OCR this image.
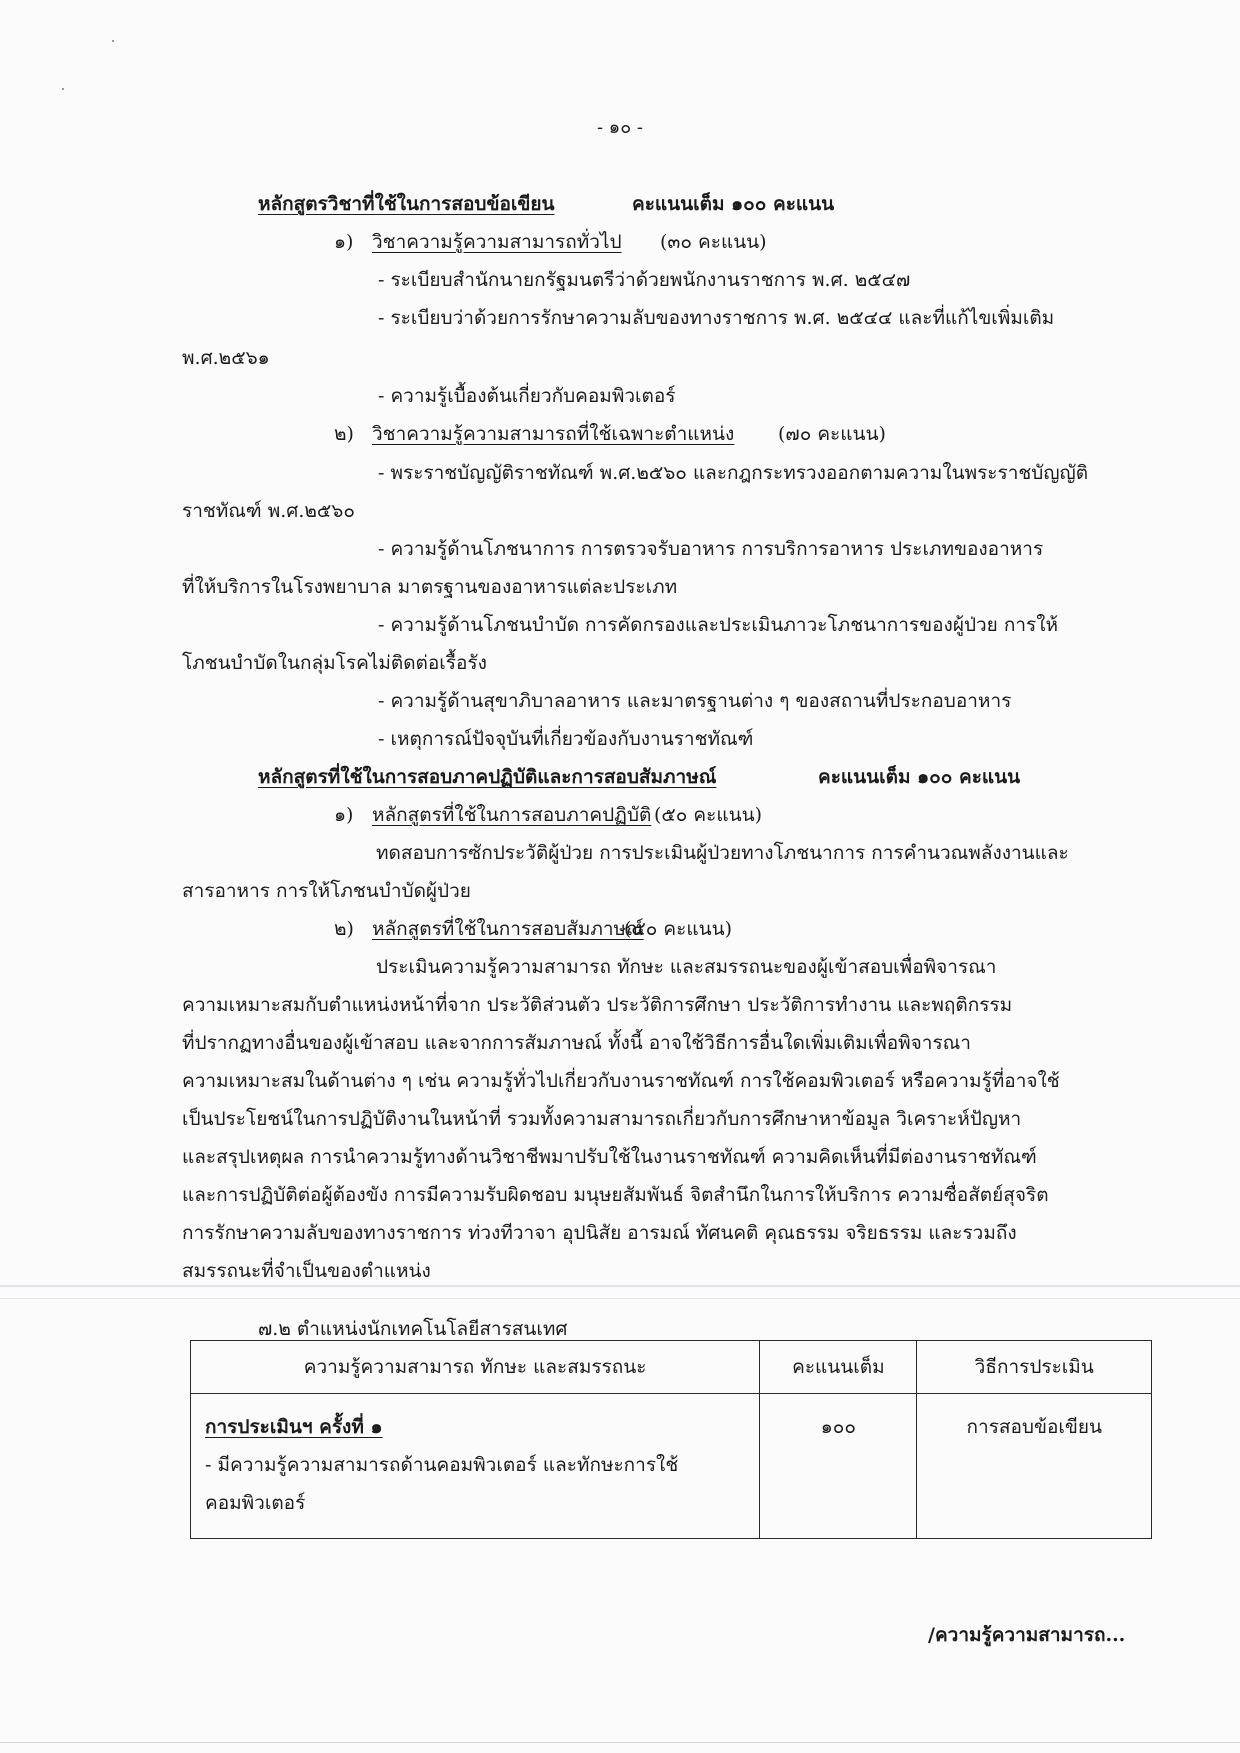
- ๑๐ -
หลักสูตรวิชาที่ใช้ในการสอบข้อเขียน	คะแนนเต็ม ๑๐๐ คะแนน
๑) วิชาความรู้ความสามารถทั่วไป (๓๐ คะแนน)
- ระเบียบสำนักนายกรัฐมนตรีว่าด้วยพนักงานราชการ พ.ศ. ๒๕๔๗
- ระเบียบว่าด้วยการรักษาความลับของทางราชการ พ.ศ. ๒๕๔๔ และที่แก้ไขเพิ่มเติม
พ.ศ.๒๕๖๑
- ความรู้เบื้องต้นเกี่ยวกับคอมพิวเตอร์
๒) วิชาความรู้ความสามารถที่ใช้เฉพาะตำแหน่ง (๗๐ คะแนน)
- พระราชบัญญัติราชทัณฑ์ พ.ศ.๒๕๖๐ และกฎกระทรวงออกตามความในพระราชบัญญัติ
ราชทัณฑ์ พ.ศ.๒๕๖๐
- ความรู้ด้านโภชนาการ การตรวจรับอาหาร การบริการอาหาร ประเภทของอาหาร
ที่ให้บริการในโรงพยาบาล มาตรฐานของอาหารแต่ละประเภท
- ความรู้ด้านโภชนบำบัด การคัดกรองและประเมินภาวะโภชนาการของผู้ป่วย การให้
โภชนบำบัดในกลุ่มโรคไม่ติดต่อเรื้อรัง
- ความรู้ด้านสุขาภิบาลอาหาร และมาตรฐานต่าง ๆ ของสถานที่ประกอบอาหาร
- เหตุการณ์ปัจจุบันที่เกี่ยวข้องกับงานราชทัณฑ์
หลักสูตรที่ใช้ในการสอบภาคปฏิบัติและการสอบสัมภาษณ์	คะแนนเต็ม ๑๐๐ คะแนน
๑) หลักสูตรที่ใช้ในการสอบภาคปฏิบัติ (๕๐ คะแนน)
ทดสอบการซักประวัติผู้ป่วย การประเมินผู้ป่วยทางโภชนาการ การคำนวณพลังงานและ
สารอาหาร การให้โภชนบำบัดผู้ป่วย
๒) หลักสูตรที่ใช้ในการสอบสัมภาษณ์
(๕๐ คะแนน)
ประเมินความรู้ความสามารถ ทักษะ และสมรรถนะของผู้เข้าสอบเพื่อพิจารณา
ความเหมาะสมกับตำแหน่งหน้าที่จาก ประวัติส่วนตัว ประวัติการศึกษา ประวัติการทำงาน และพฤติกรรม
ที่ปรากฏทางอื่นของผู้เข้าสอบ และจากการสัมภาษณ์ ทั้งนี้ อาจใช้วิธีการอื่นใดเพิ่มเติมเพื่อพิจารณา
ความเหมาะสมในด้านต่าง ๆ เช่น ความรู้ทั่วไปเกี่ยวกับงานราชทัณฑ์ การใช้คอมพิวเตอร์ หรือความรู้ที่อาจใช้
เป็นประโยชน์ในการปฏิบัติงานในหน้าที่ รวมทั้งความสามารถเกี่ยวกับการศึกษาหาข้อมูล วิเคราะห์ปัญหา
และสรุปเหตุผล การนำความรู้ทางด้านวิชาชีพมาปรับใช้ในงานราชทัณฑ์ ความคิดเห็นที่มีต่องานราชทัณฑ์
และการปฏิบัติต่อผู้ต้องขัง การมีความรับผิดชอบ มนุษยสัมพันธ์ จิตสำนึกในการให้บริการ ความซื่อสัตย์สุจริต
การรักษาความลับของทางราชการ ท่วงทีวาจา อุปนิสัย อารมณ์ ทัศนคติ คุณธรรม จริยธรรม และรวมถึง
สมรรถนะที่จำเป็นของตำแหน่ง
๗.๒ ตำแหน่งนักเทคโนโลยีสารสนเทศ
ความรู้ความสามารถ ทักษะ และสมรรถนะ	คะแนนเต็ม	วิธีการประเมิน

การประเมินฯ ครั้งที่ ๑
- มีความรู้ความสามารถด้านคอมพิวเตอร์ และทักษะการใช้
คอมพิวเตอร์	๑๐๐	การสอบข้อเขียน
/ความรู้ความสามารถ...
